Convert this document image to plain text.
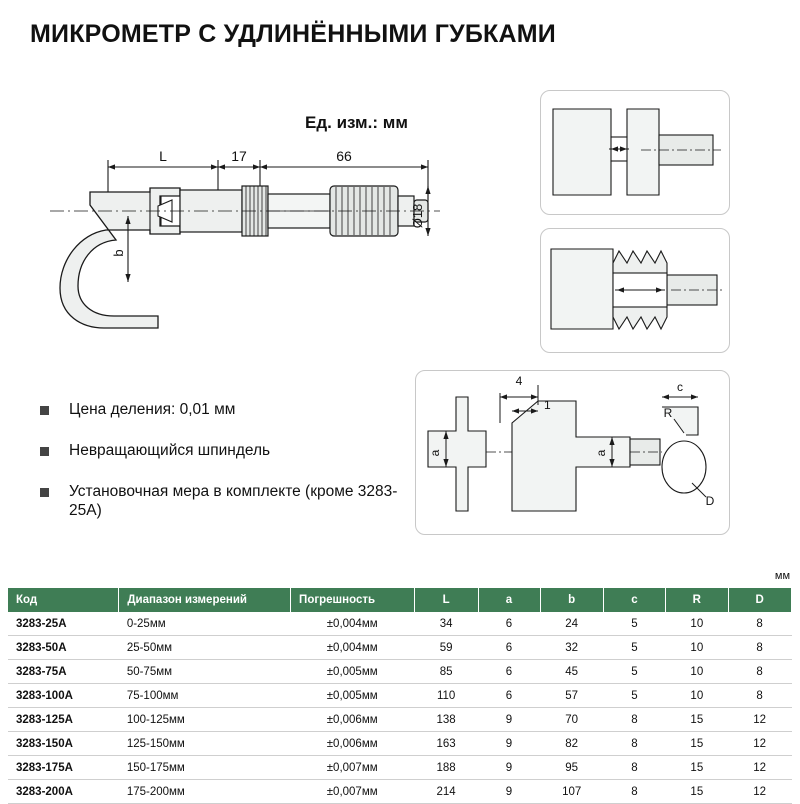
МИКРОМЕТР С УДЛИНЁННЫМИ ГУБКАМИ
Ед. изм.: мм
L	17	66
b
Ø18
Цена деления: 0,01 мм
Невращающийся шпиндель
Установочная мера в комплекте (кроме 3283-25A)
4
1
a	a
c
R
D
мм
Код	Диапазон измерений	Погрешность	L	a	b	c	R	D
3283-25A	0-25мм	±0,004мм	34	6	24	5	10	8
3283-50A	25-50мм	±0,004мм	59	6	32	5	10	8
3283-75A	50-75мм	±0,005мм	85	6	45	5	10	8
3283-100A	75-100мм	±0,005мм	110	6	57	5	10	8
3283-125A	100-125мм	±0,006мм	138	9	70	8	15	12
3283-150A	125-150мм	±0,006мм	163	9	82	8	15	12
3283-175A	150-175мм	±0,007мм	188	9	95	8	15	12
3283-200A	175-200мм	±0,007мм	214	9	107	8	15	12
